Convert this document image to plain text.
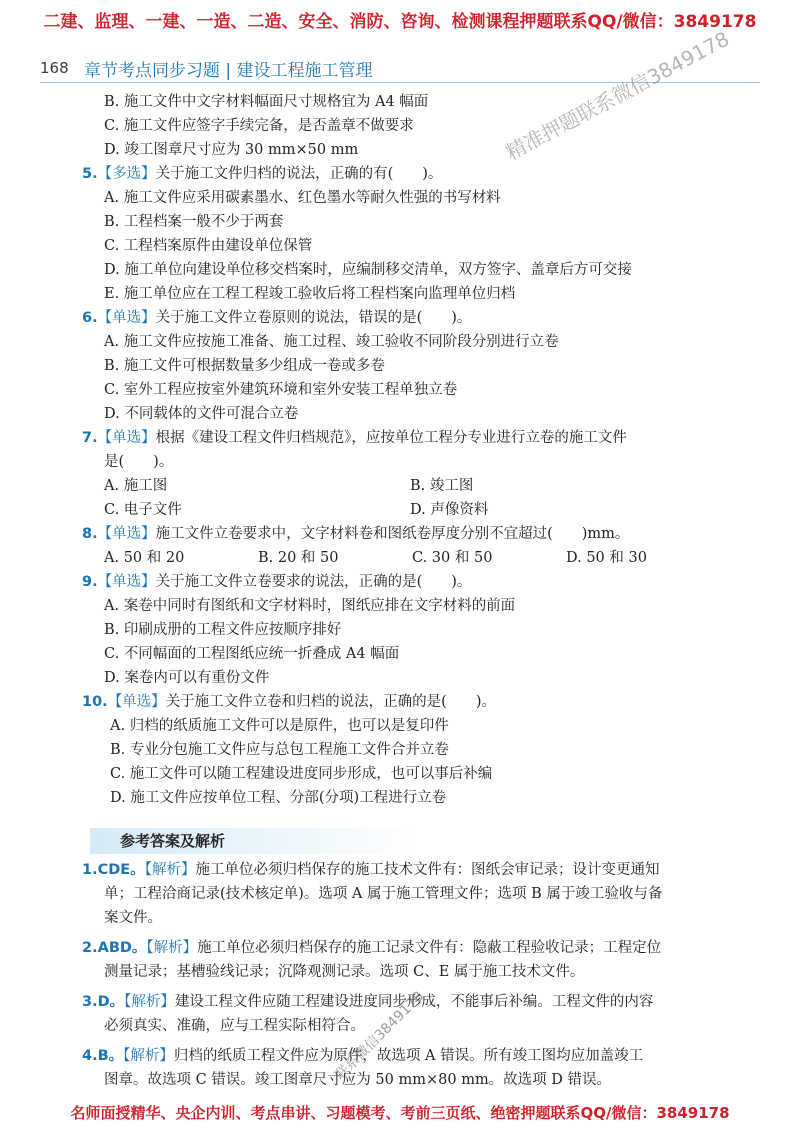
二建、监理、一建、一造、二造、安全、消防、咨询、检测课程押题联系QQ/微信：3849178
168 章节考点同步习题 | 建设工程施工管理
B. 施工文件中文字材料幅面尺寸规格宜为 A4 幅面
C. 施工文件应签字手续完备，是否盖章不做要求
D. 竣工图章尺寸应为 30 mm×50 mm
5.【多选】关于施工文件归档的说法，正确的有(　　)。
A. 施工文件应采用碳素墨水、红色墨水等耐久性强的书写材料
B. 工程档案一般不少于两套
C. 工程档案原件由建设单位保管
D. 施工单位向建设单位移交档案时，应编制移交清单，双方签字、盖章后方可交接
E. 施工单位应在工程工程竣工验收后将工程档案向监理单位归档
6.【单选】关于施工文件立卷原则的说法，错误的是(　　)。
A. 施工文件应按施工准备、施工过程、竣工验收不同阶段分别进行立卷
B. 施工文件可根据数量多少组成一卷或多卷
C. 室外工程应按室外建筑环境和室外安装工程单独立卷
D. 不同载体的文件可混合立卷
7.【单选】根据《建设工程文件归档规范》，应按单位工程分专业进行立卷的施工文件
是(　　)。
A. 施工图	B. 竣工图
C. 电子文件	D. 声像资料
8.【单选】施工文件立卷要求中，文字材料卷和图纸卷厚度分别不宜超过(　　)mm。
A. 50 和 20	B. 20 和 50	C. 30 和 50	D. 50 和 30
9.【单选】关于施工文件立卷要求的说法，正确的是(　　)。
A. 案卷中同时有图纸和文字材料时，图纸应排在文字材料的前面
B. 印刷成册的工程文件应按顺序排好
C. 不同幅面的工程图纸应统一折叠成 A4 幅面
D. 案卷内可以有重份文件
10.【单选】关于施工文件立卷和归档的说法，正确的是(　　)。
A. 归档的纸质施工文件可以是原件，也可以是复印件
B. 专业分包施工文件应与总包工程施工文件合并立卷
C. 施工文件可以随工程建设进度同步形成，也可以事后补编
D. 施工文件应按单位工程、分部(分项)工程进行立卷
参考答案及解析
1.CDE。【解析】施工单位必须归档保存的施工技术文件有：图纸会审记录；设计变更通知
单；工程洽商记录(技术核定单)。选项 A 属于施工管理文件；选项 B 属于竣工验收与备
案文件。
2.ABD。【解析】施工单位必须归档保存的施工记录文件有：隐蔽工程验收记录；工程定位
测量记录；基槽验线记录；沉降观测记录。选项 C、E 属于施工技术文件。
3.D。【解析】建设工程文件应随工程建设进度同步形成，不能事后补编。工程文件的内容
必须真实、准确，应与工程实际相符合。
4.B。【解析】归档的纸质工程文件应为原件，故选项 A 错误。所有竣工图均应加盖竣工
图章。故选项 C 错误。竣工图章尺寸应为 50 mm×80 mm。故选项 D 错误。
精准押题联系微信3849178
联系微信3849178
名师面授精华、央企内训、考点串讲、习题模考、考前三页纸、绝密押题联系QQ/微信：3849178
